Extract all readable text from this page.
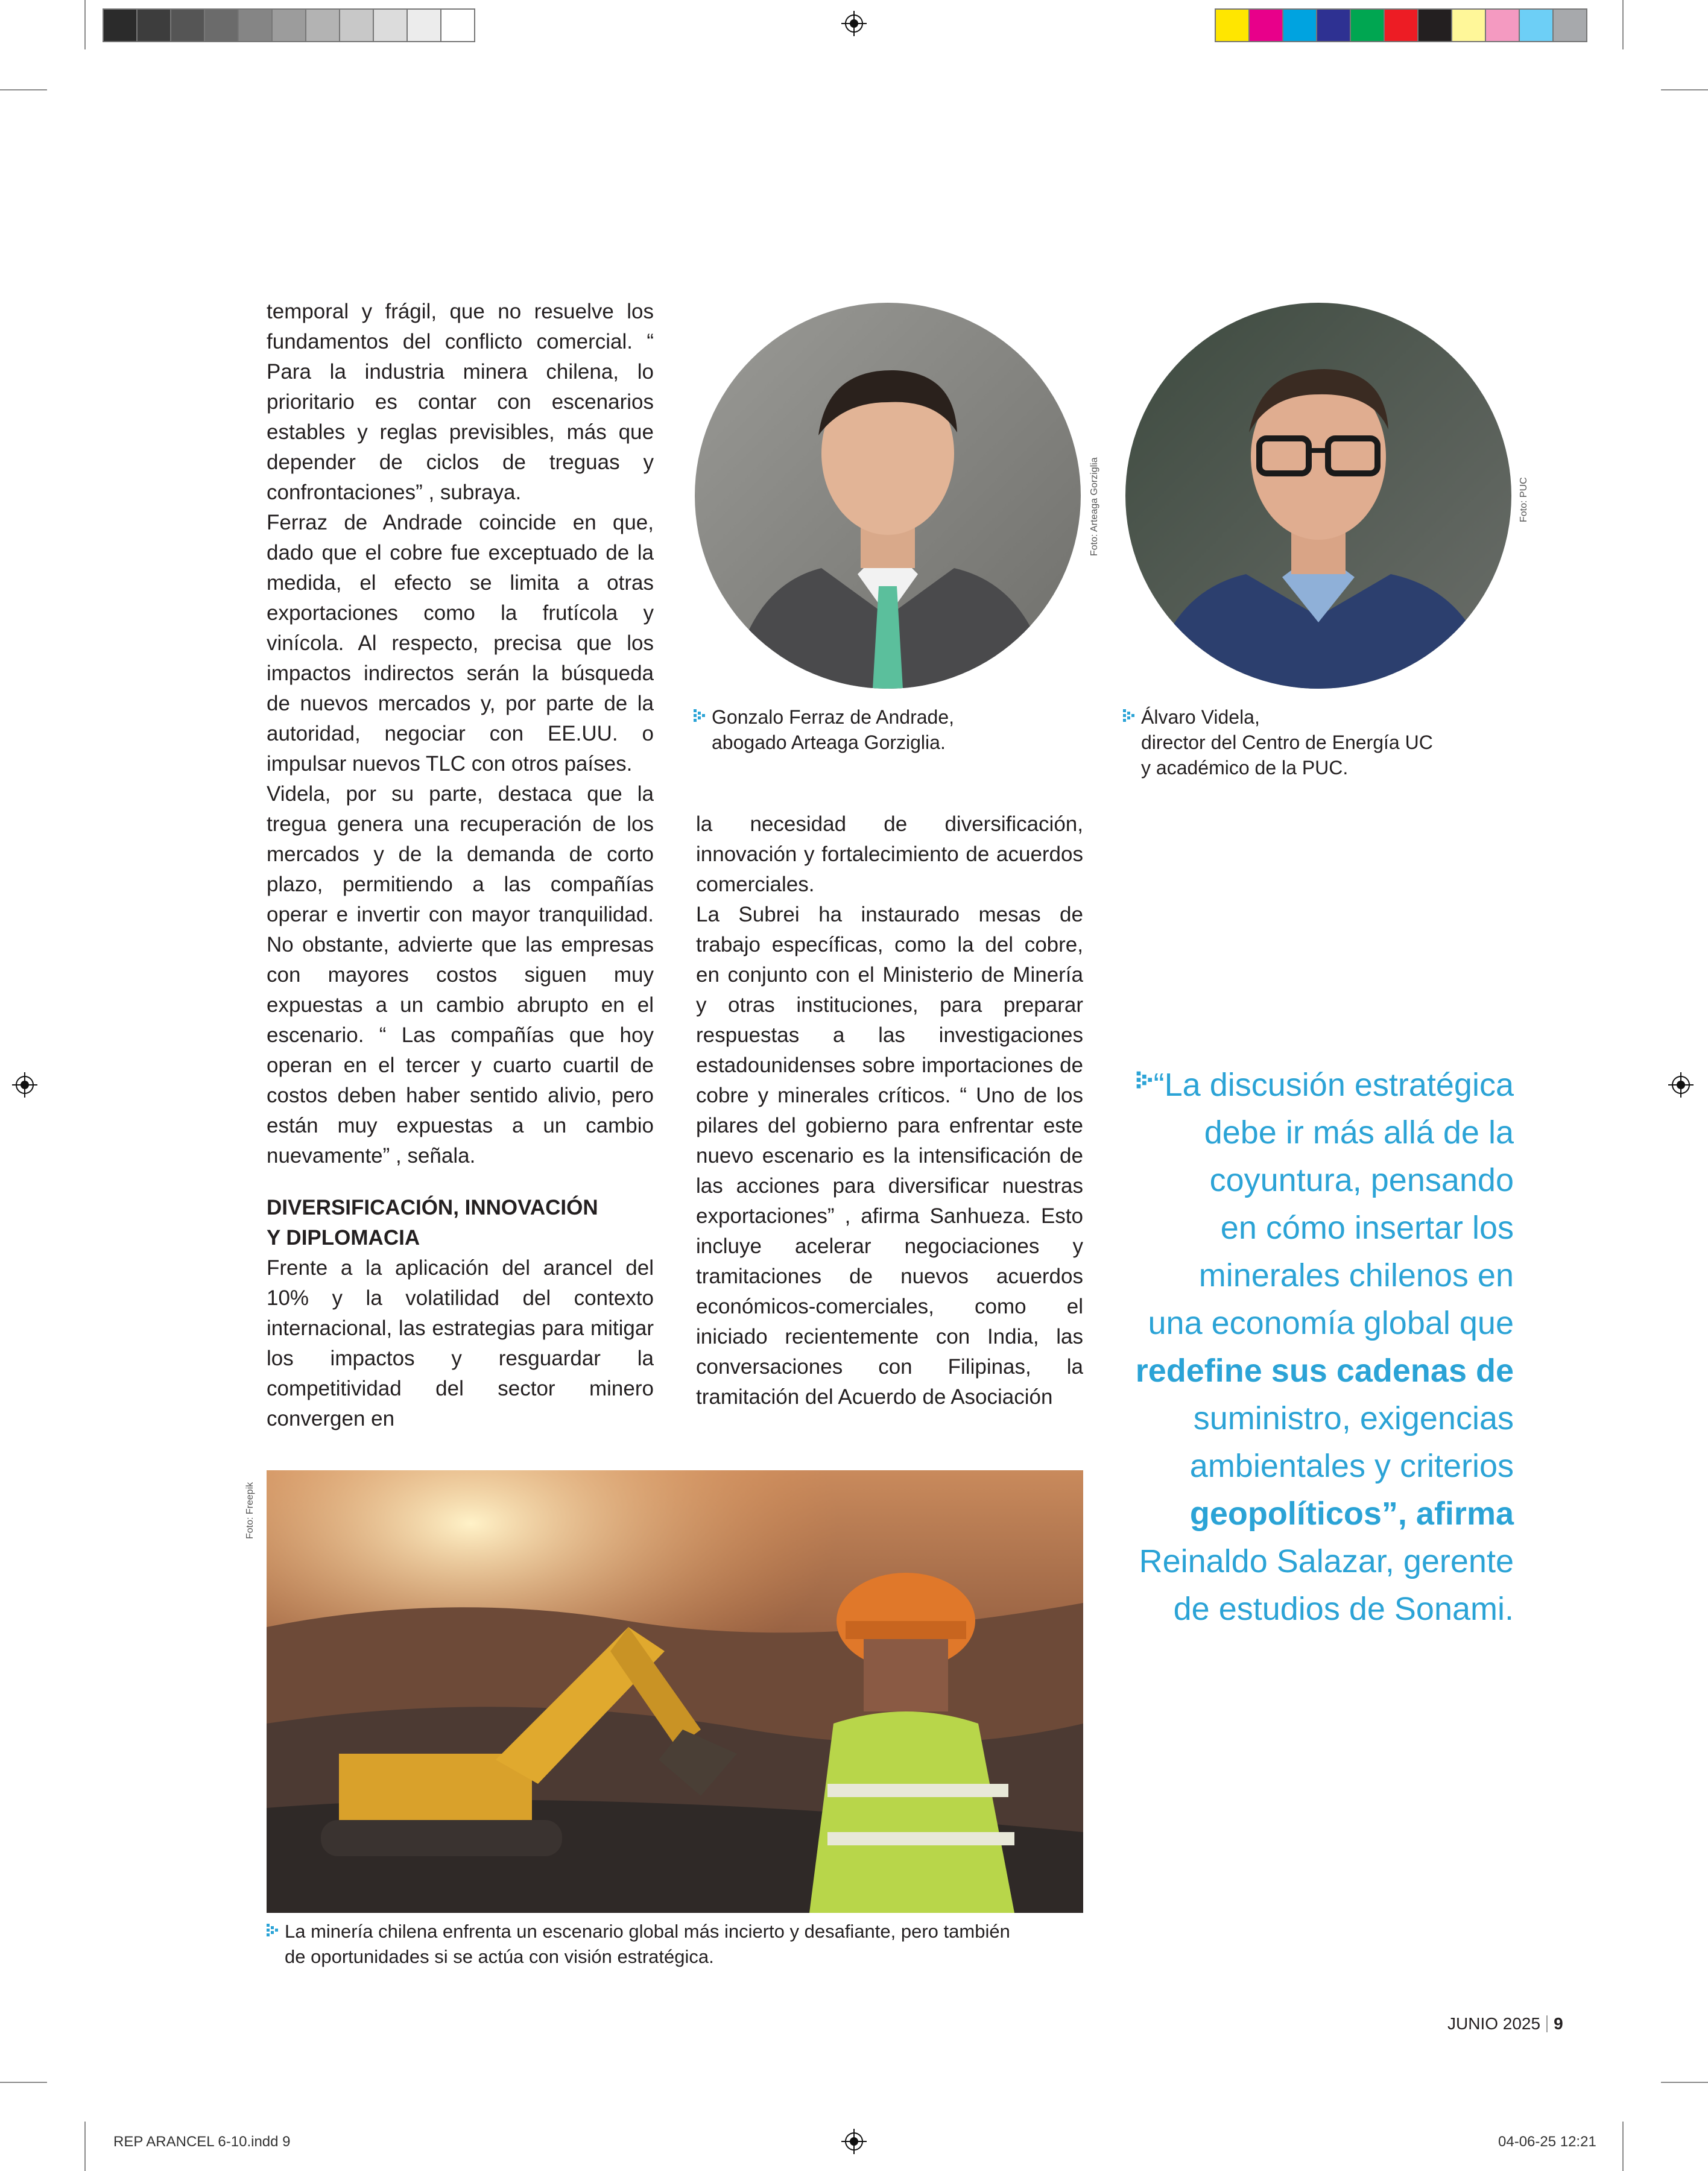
temporal y frágil, que no resuelve los fundamentos del conflicto comercial. “ Para la industria minera chilena, lo prioritario es contar con escenarios estables y reglas previsibles, más que depender de ciclos de treguas y confrontaciones” , subraya.

Ferraz de Andrade coincide en que, dado que el cobre fue exceptuado de la medida, el efecto se limita a otras exportaciones como la frutícola y vinícola. Al respecto, precisa que los impactos indirectos serán la búsqueda de nuevos mercados y, por parte de la autoridad, negociar con EE.UU. o impulsar nuevos TLC con otros países.

Videla, por su parte, destaca que la tregua genera una recuperación de los mercados y de la demanda de corto plazo, permitiendo a las compañías operar e invertir con mayor tranquilidad. No obstante, advierte que las empresas con mayores costos siguen muy expuestas a un cambio abrupto en el escenario. “ Las compañías que hoy operan en el tercer y cuarto cuartil de costos deben haber sentido alivio, pero están muy expuestas a un cambio nuevamente” , señala.

DIVERSIFICACIÓN, INNOVACIÓN
Y DIPLOMACIA

Frente a la aplicación del arancel del 10% y la volatilidad del contexto internacional, las estrategias para mitigar los impactos y resguardar la competitividad del sector minero convergen en

la necesidad de diversificación, innovación y fortalecimiento de acuerdos comerciales.

La Subrei ha instaurado mesas de trabajo específicas, como la del cobre, en conjunto con el Ministerio de Minería y otras instituciones, para preparar respuestas a las investigaciones estadounidenses sobre importaciones de cobre y minerales críticos. “ Uno de los pilares del gobierno para enfrentar este nuevo escenario es la intensificación de las acciones para diversificar nuestras exportaciones” , afirma Sanhueza. Esto incluye acelerar negociaciones y tramitaciones de nuevos acuerdos económicos-comerciales, como el iniciado recientemente con India, las conversaciones con Filipinas, la tramitación del Acuerdo de Asociación

Foto: Arteaga Gorziglia
Gonzalo Ferraz de Andrade,
abogado Arteaga Gorziglia.
Foto: PUC
Álvaro Videla,
director del Centro de Energía UC
y académico de la PUC.
“La discusión estratégica
debe ir más allá de la
coyuntura, pensando
en cómo insertar los
minerales chilenos en
una economía global que
redefine sus cadenas de
suministro, exigencias
ambientales y criterios
geopolíticos”, afirma
Reinaldo Salazar, gerente
de estudios de Sonami.
Foto: Freepik
La minería chilena enfrenta un escenario global más incierto y desafiante, pero también
de oportunidades si se actúa con visión estratégica.
JUNIO 2025 9
REP ARANCEL 6-10.indd 9	04-06-25 12:21
